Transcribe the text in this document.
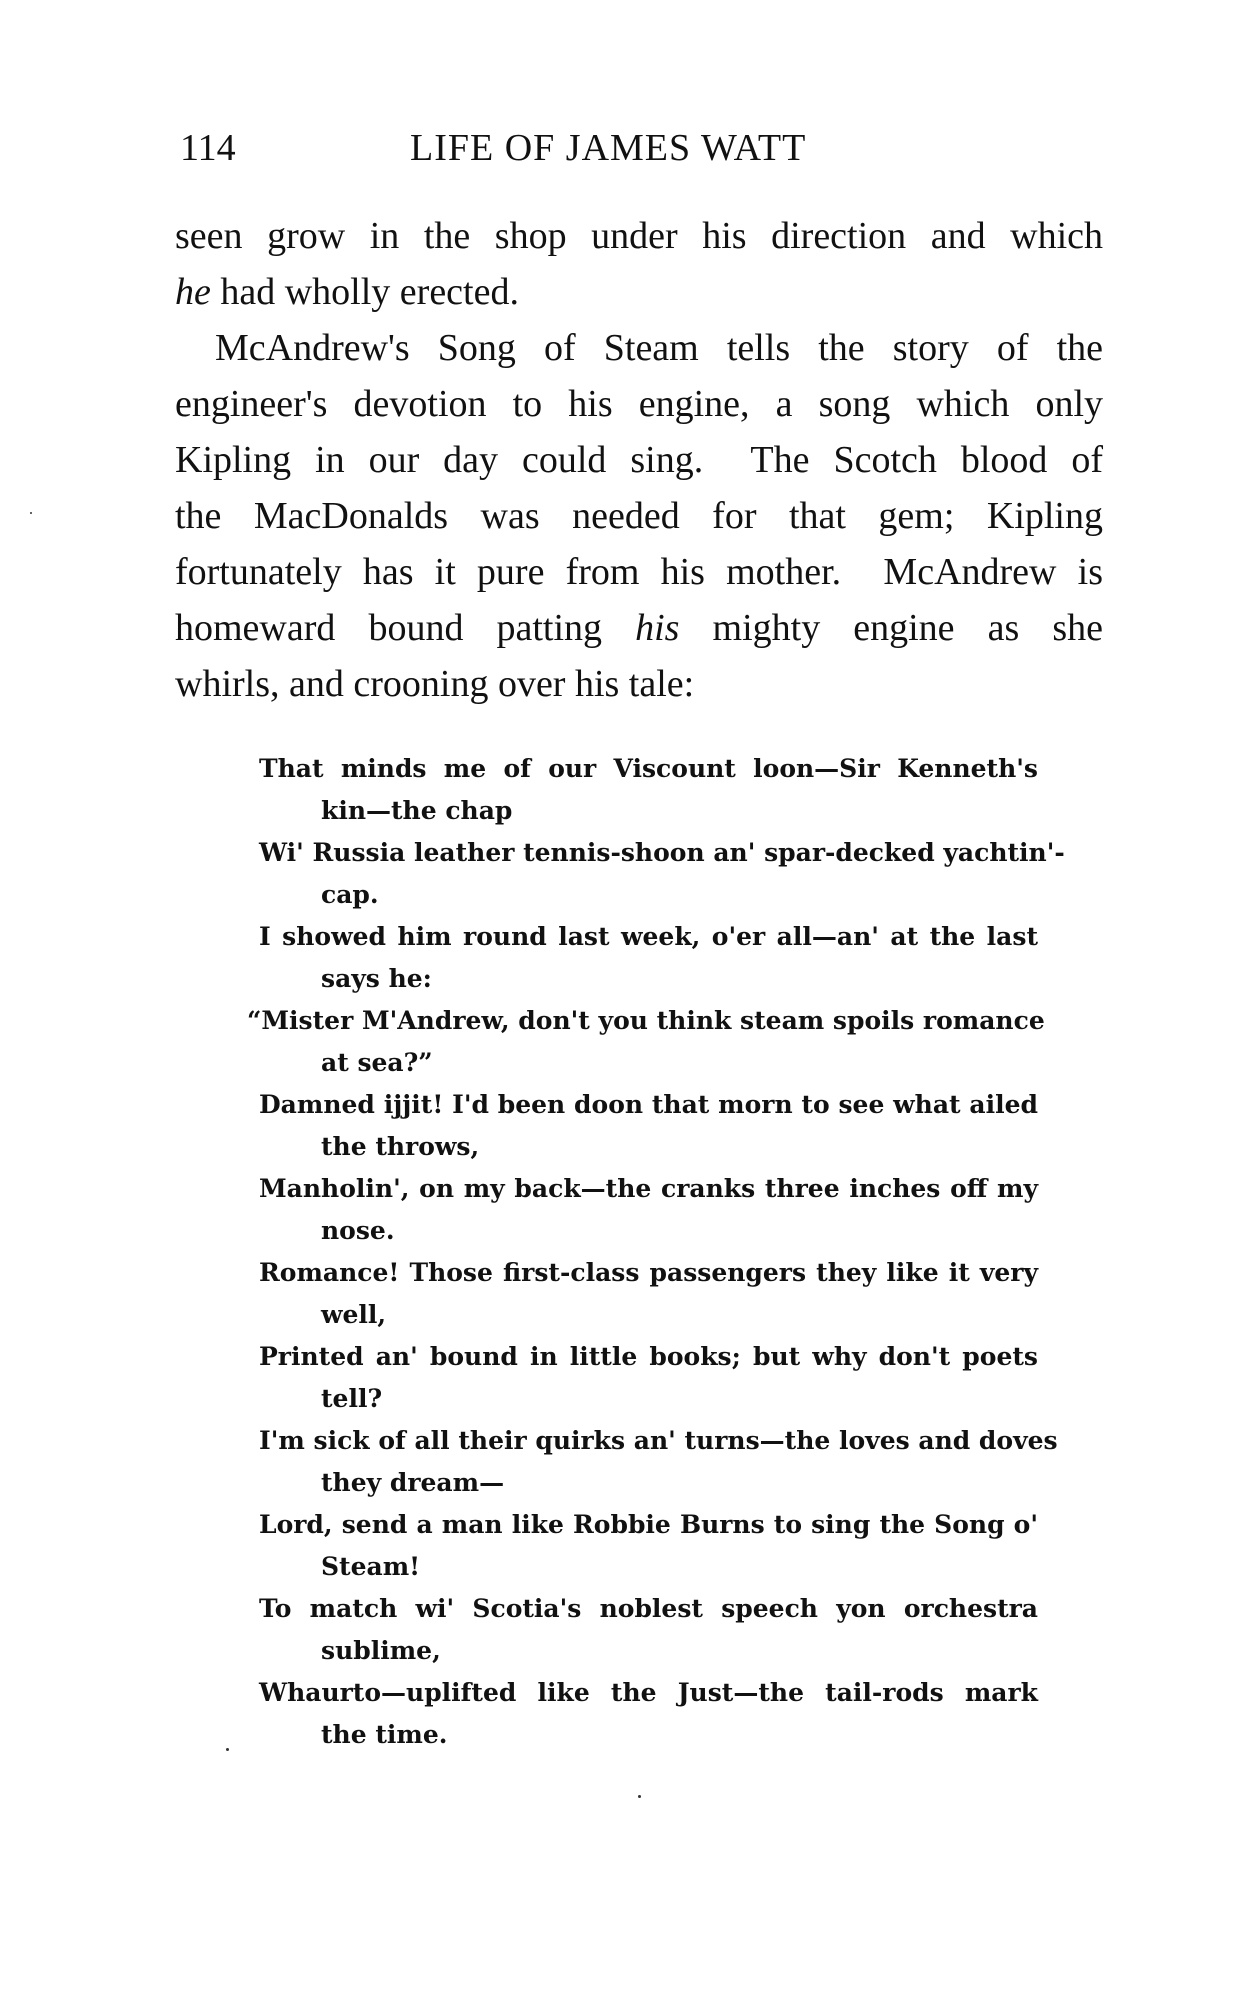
114	LIFE OF JAMES WATT
seen grow in the shop under his direction and which
he had wholly erected.
McAndrew's Song of Steam tells the story of the
engineer's devotion to his engine, a song which only
Kipling in our day could sing.  The Scotch blood of
the MacDonalds was needed for that gem; Kipling
fortunately has it pure from his mother.  McAndrew is
homeward bound patting his mighty engine as she
whirls, and crooning over his tale:
That minds me of our Viscount loon—Sir Kenneth's
kin—the chap
Wi' Russia leather tennis-shoon an' spar-decked yachtin'-
cap.
I showed him round last week, o'er all—an' at the last
says he:
“Mister M'Andrew, don't you think steam spoils romance
at sea?”
Damned ijjit! I'd been doon that morn to see what ailed
the throws,
Manholin', on my back—the cranks three inches off my
nose.
Romance! Those first-class passengers they like it very
well,
Printed an' bound in little books; but why don't poets
tell?
I'm sick of all their quirks an' turns—the loves and doves
they dream—
Lord, send a man like Robbie Burns to sing the Song o'
Steam!
To match wi' Scotia's noblest speech yon orchestra
sublime,
Whaurto—uplifted like the Just—the tail-rods mark
the time.
